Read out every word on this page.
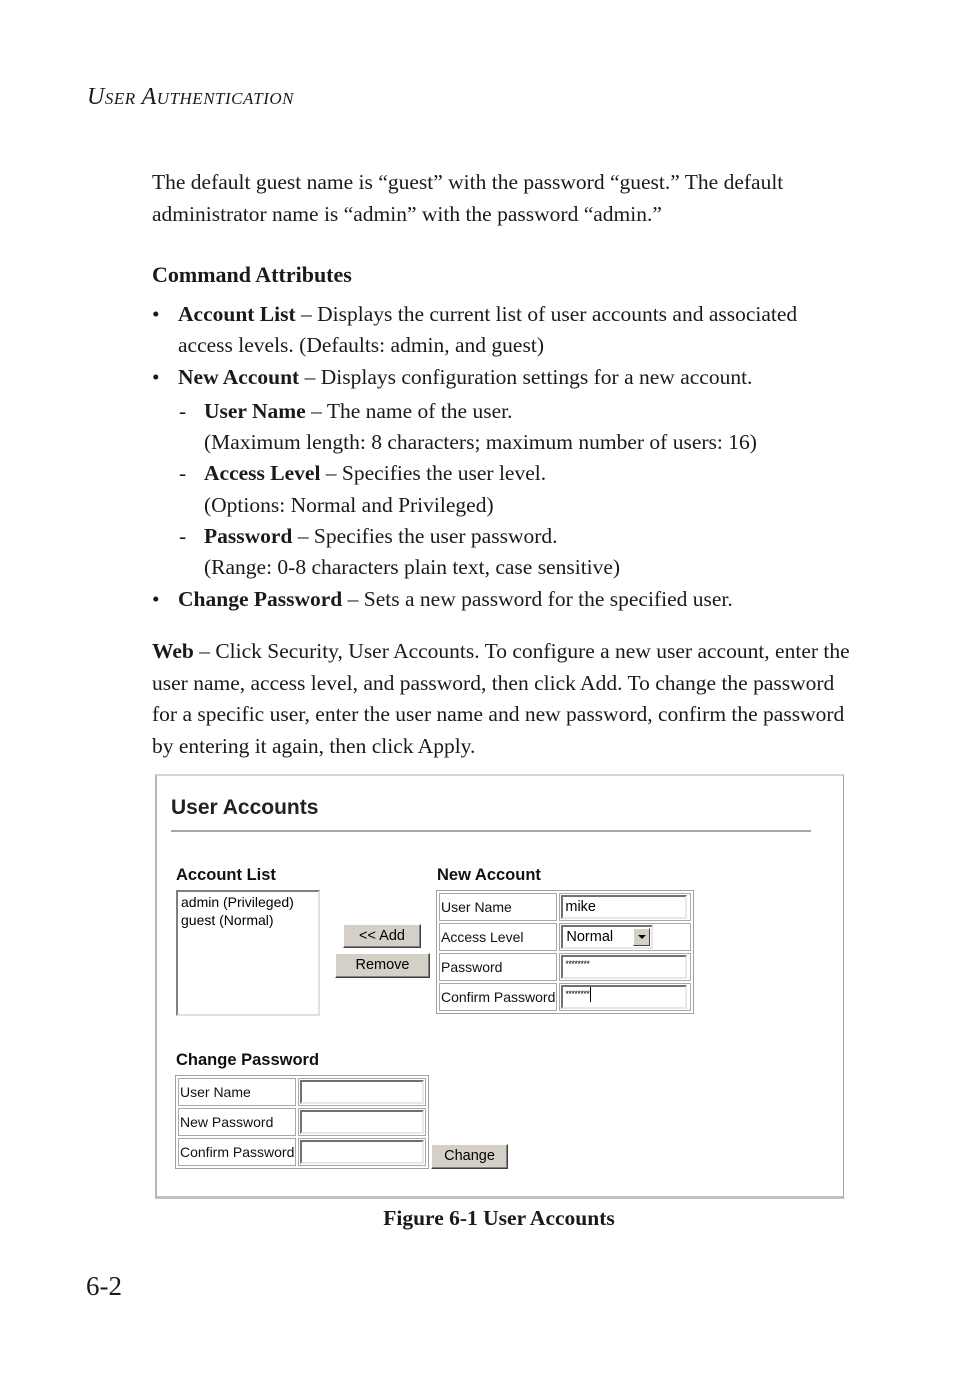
USER AUTHENTICATION
The default guest name is “guest” with the password “guest.” The default administrator name is “admin” with the password “admin.”
Command Attributes
• Account List – Displays the current list of user accounts and associated access levels. (Defaults: admin, and guest)
• New Account – Displays configuration settings for a new account.
- User Name – The name of the user.
(Maximum length: 8 characters; maximum number of users: 16)
- Access Level – Specifies the user level.
(Options: Normal and Privileged)
- Password – Specifies the user password.
(Range: 0-8 characters plain text, case sensitive)
• Change Password – Sets a new password for the specified user.
Web – Click Security, User Accounts. To configure a new user account, enter the user name, access level, and password, then click Add. To change the password for a specific user, enter the user name and new password, confirm the password by entering it again, then click Apply.
User Accounts
Account List
admin (Privileged)
guest (Normal)
<< Add
Remove
New Account
User Name	mike

Access Level	Normal

Password	********

Confirm Password	********
Change Password
User Name	

New Password	

Confirm Password		Change
Figure 6-1 User Accounts
6-2
